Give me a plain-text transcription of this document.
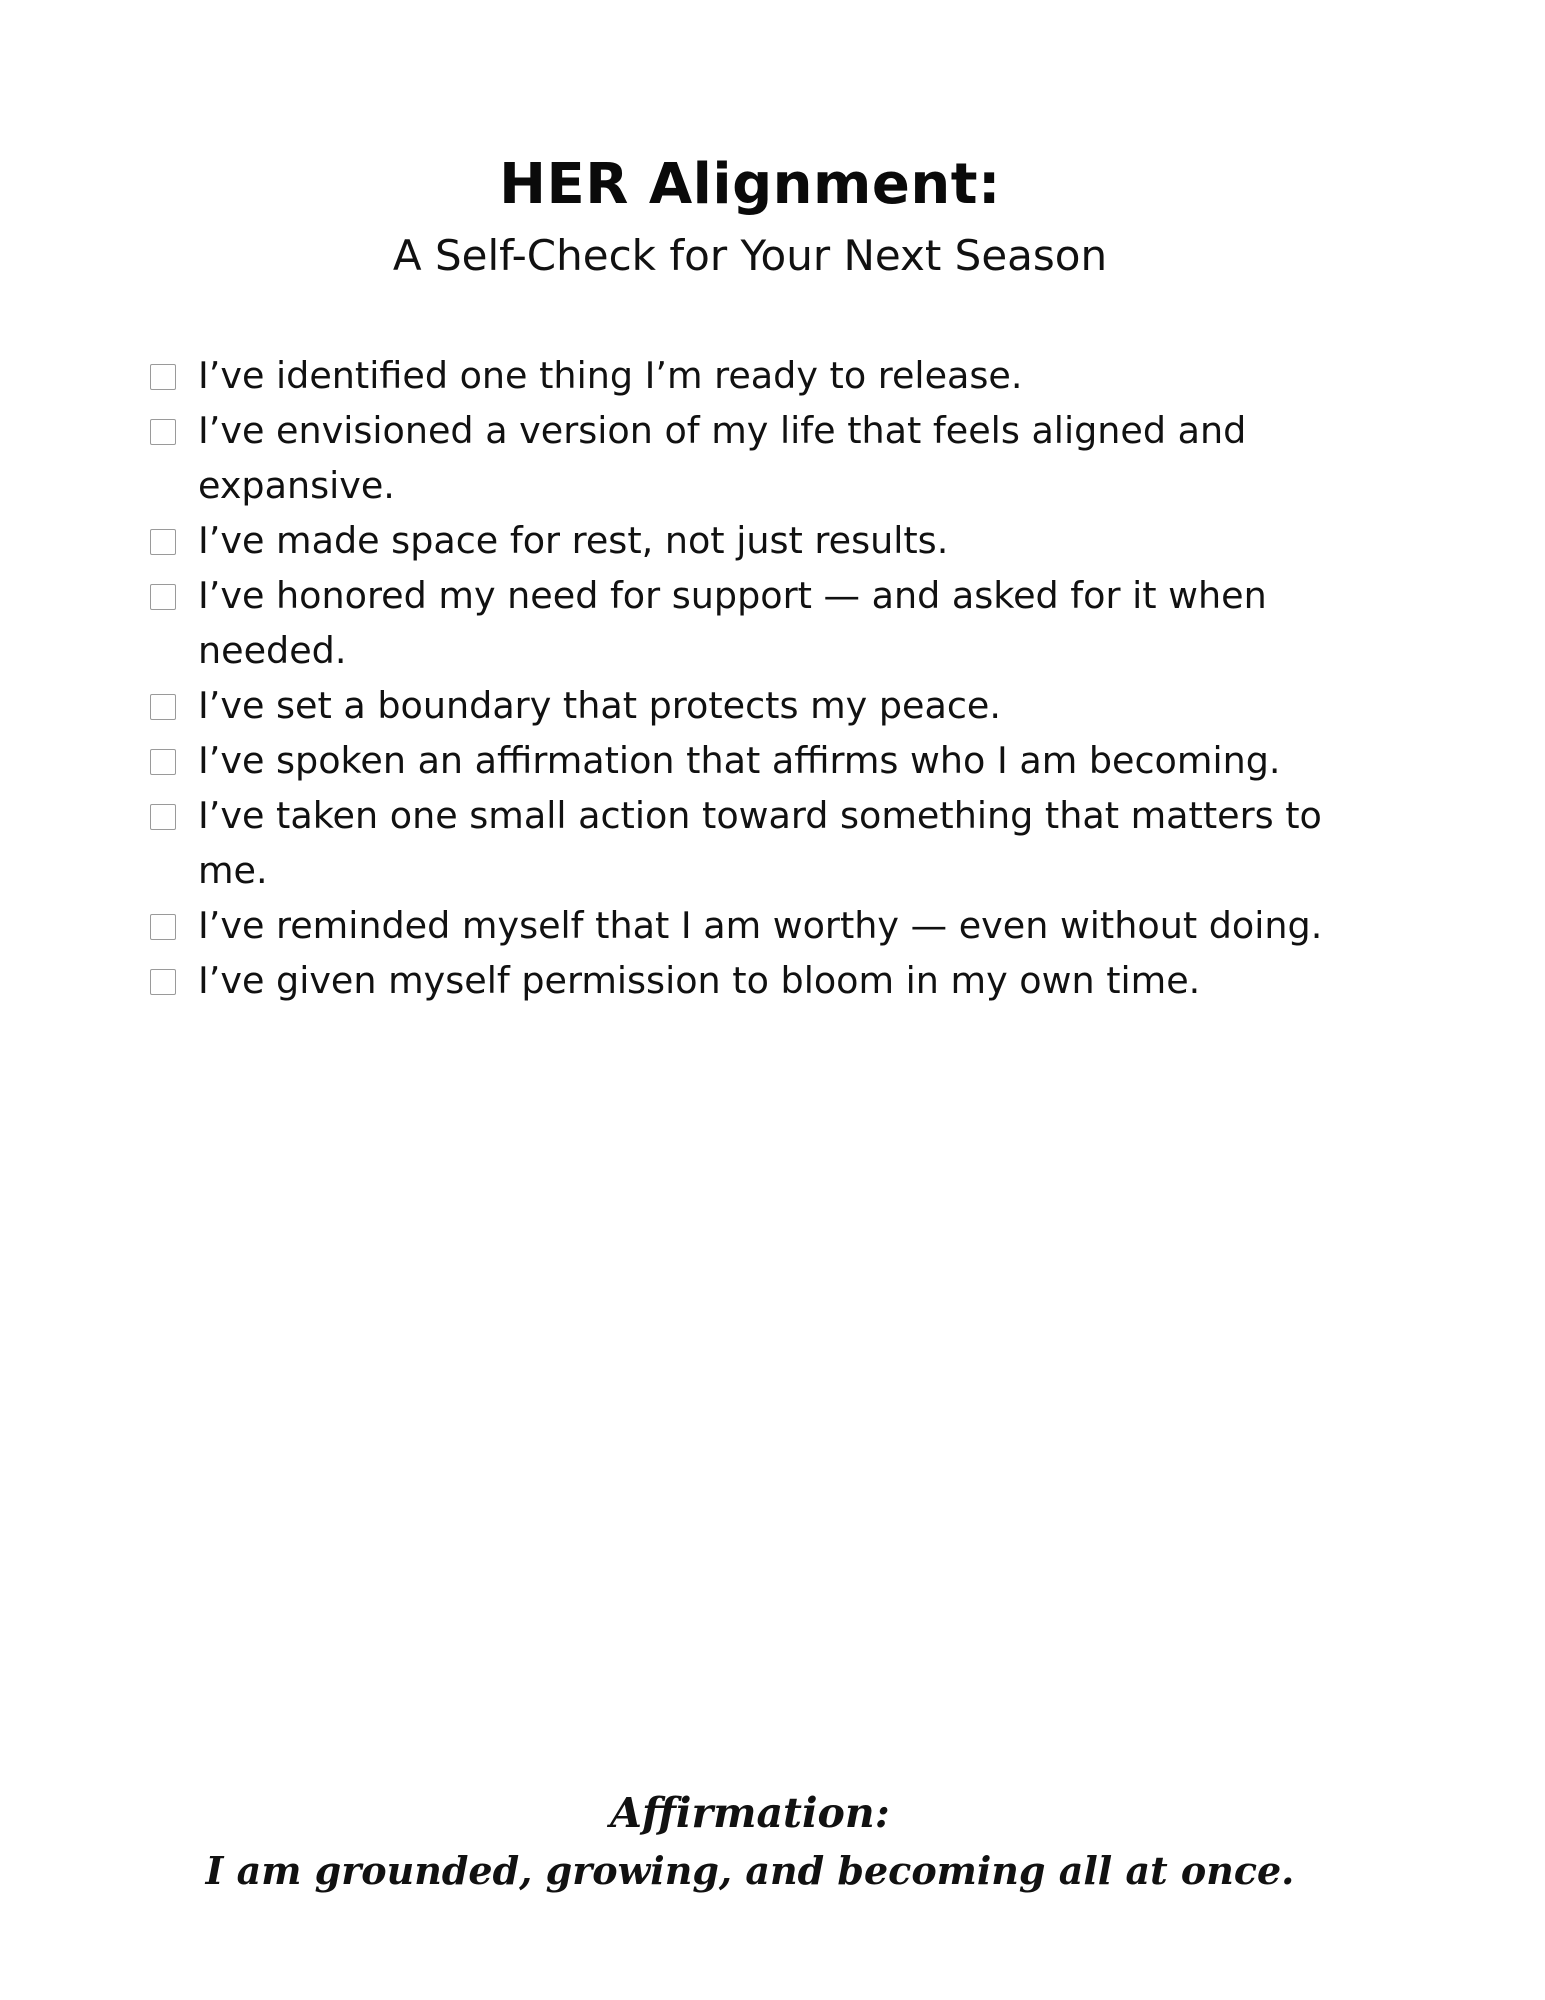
HER Alignment:
A Self-Check for Your Next Season
I’ve identified one thing I’m ready to release.
I’ve envisioned a version of my life that feels aligned and expansive.
I’ve made space for rest, not just results.
I’ve honored my need for support — and asked for it when needed.
I’ve set a boundary that protects my peace.
I’ve spoken an affirmation that affirms who I am becoming.
I’ve taken one small action toward something that matters to me.
I’ve reminded myself that I am worthy — even without doing.
I’ve given myself permission to bloom in my own time.
Affirmation:
I am grounded, growing, and becoming all at once.
